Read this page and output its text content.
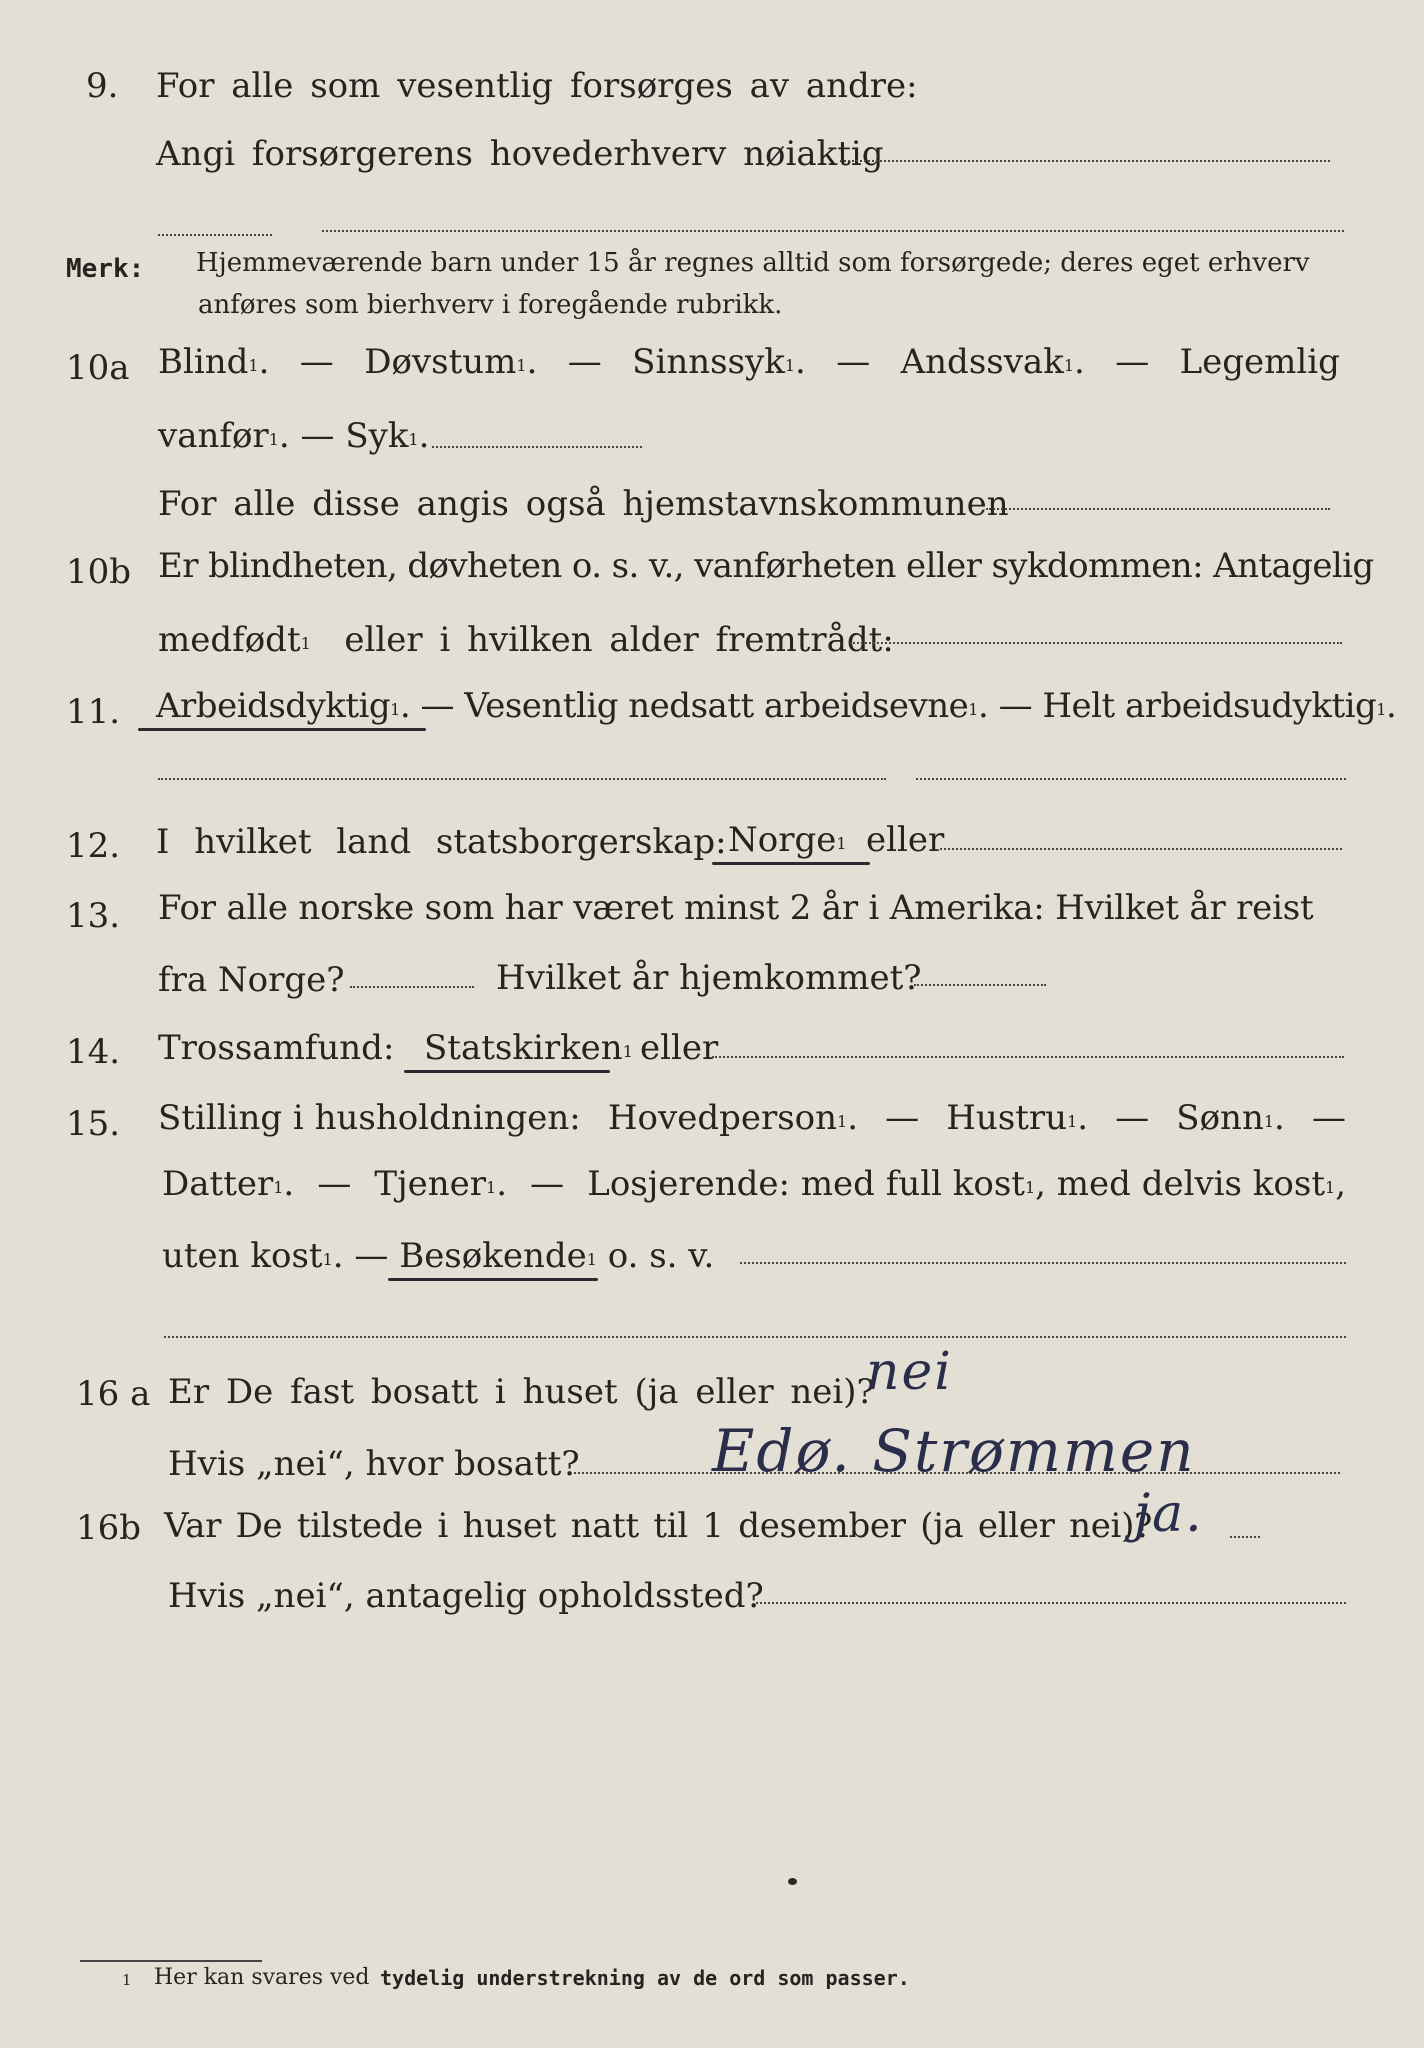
9. For alle som vesentlig forsørges av andre:
Angi forsørgerens hovederhverv nøiaktig
Merk: Hjemmeværende barn under 15 år regnes alltid som forsørgede; deres eget erhverv
anføres som bierhverv i foregående rubrikk.
10a Blind$^1$. — Døvstum$^1$. — Sinnssyk$^1$. — Andssvak$^1$. — Legemlig
vanfør$^1$. — Syk$^1$.
For alle disse angis også hjemstavnskommunen
10b Er blindheten, døvheten o. s. v., vanførheten eller sykdommen: Antagelig
medfødt$^1$ eller i hvilken alder fremtrådt:
11. Arbeidsdyktig$^1$. — Vesentlig nedsatt arbeidsevne$^1$. — Helt arbeidsudyktig$^1$.
12. I hvilket land statsborgerskap: Norge$^1$ eller
13. For alle norske som har været minst 2 år i Amerika: Hvilket år reist
fra Norge?	Hvilket år hjemkommet?
14. Trossamfund: Statskirken$^1$ eller
15. Stilling i husholdningen: Hovedperson$^1$. — Hustru$^1$. — Sønn$^1$. —
Datter$^1$. — Tjener$^1$. — Losjerende: med full kost$^1$, med delvis kost$^1$,
uten kost$^1$. — Besøkende$^1$ o. s. v.
16 a Er De fast bosatt i huset (ja eller nei)?
nei
Hvis „nei“, hvor bosatt? Edø. Strømmen
16b Var De tilstede i huset natt til 1 desember (ja eller nei)?
ja.
Hvis „nei“, antagelig opholdssted?
1 Her kan svares ved tydelig understrekning av de ord som passer.
